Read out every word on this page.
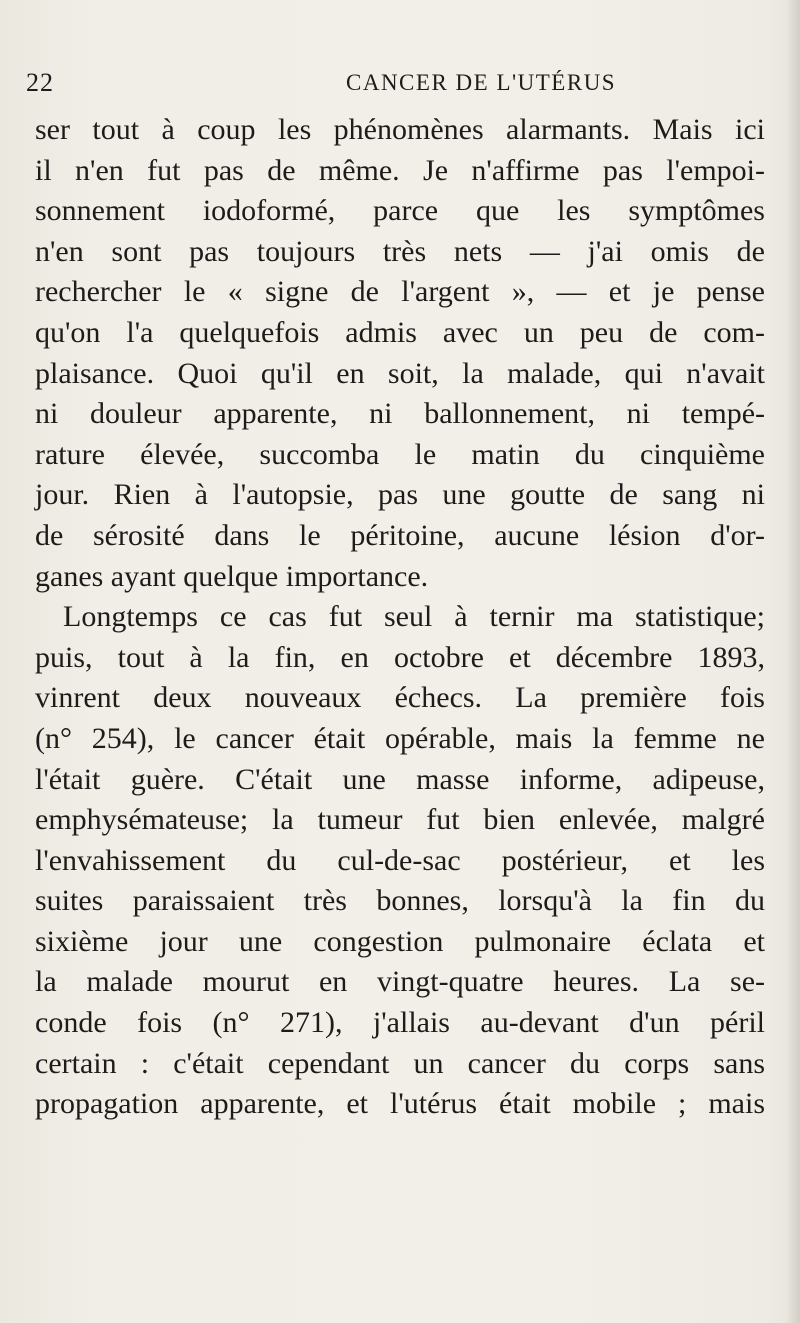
22	CANCER DE L'UTÉRUS
ser tout à coup les phénomènes alarmants. Mais ici
il n'en fut pas de même. Je n'affirme pas l'empoi-
sonnement iodoformé, parce que les symptômes
n'en sont pas toujours très nets — j'ai omis de
rechercher le « signe de l'argent », — et je pense
qu'on l'a quelquefois admis avec un peu de com-
plaisance. Quoi qu'il en soit, la malade, qui n'avait
ni douleur apparente, ni ballonnement, ni tempé-
rature élevée, succomba le matin du cinquième
jour. Rien à l'autopsie, pas une goutte de sang ni
de sérosité dans le péritoine, aucune lésion d'or-
ganes ayant quelque importance.
Longtemps ce cas fut seul à ternir ma statistique;
puis, tout à la fin, en octobre et décembre 1893,
vinrent deux nouveaux échecs. La première fois
(n° 254), le cancer était opérable, mais la femme ne
l'était guère. C'était une masse informe, adipeuse,
emphysémateuse; la tumeur fut bien enlevée, malgré
l'envahissement du cul-de-sac postérieur, et les
suites paraissaient très bonnes, lorsqu'à la fin du
sixième jour une congestion pulmonaire éclata et
la malade mourut en vingt-quatre heures. La se-
conde fois (n° 271), j'allais au-devant d'un péril
certain : c'était cependant un cancer du corps sans
propagation apparente, et l'utérus était mobile ; mais
